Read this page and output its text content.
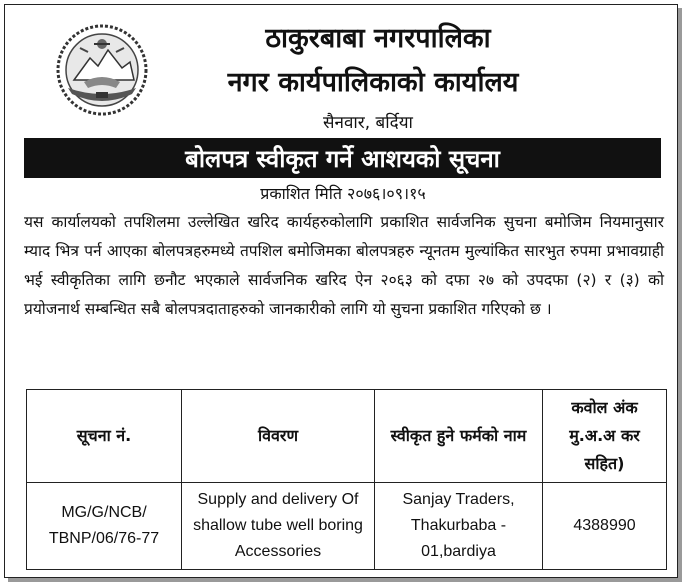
ठाकुरबाबा नगरपालिका
नगर कार्यपालिकाको कार्यालय
सैनवार, बर्दिया
बोलपत्र स्वीकृत गर्ने आशयको सूचना
प्रकाशित मिति २०७६।०९।१५
यस कार्यालयको तपशिलमा उल्लेखित खरिद कार्यहरुकोलागि प्रकाशित सार्वजनिक सुचना बमोजिम नियमानुसार म्याद भित्र पर्न आएका बोलपत्रहरुमध्ये तपशिल बमोजिमका बोलपत्रहरु न्यूनतम मुल्यांकित सारभुत रुपमा प्रभावग्राही भई स्वीकृतिका लागि छनौट भएकाले सार्वजनिक खरिद ऐन २०६३ को दफा २७ को उपदफा (२) र (३) को प्रयोजनार्थ सम्बन्धित सबै बोलपत्रदाताहरुको जानकारीको लागि यो सुचना प्रकाशित गरिएको छ ।
सूचना नं.	विवरण	स्वीकृत हुने फर्मको नाम	कवोल अंक मु.अ.अ कर सहित)
MG/G/NCB/ TBNP/06/76-77	Supply and delivery Of shallow tube well boring Accessories	Sanjay Traders, Thakurbaba - 01,bardiya	4388990
